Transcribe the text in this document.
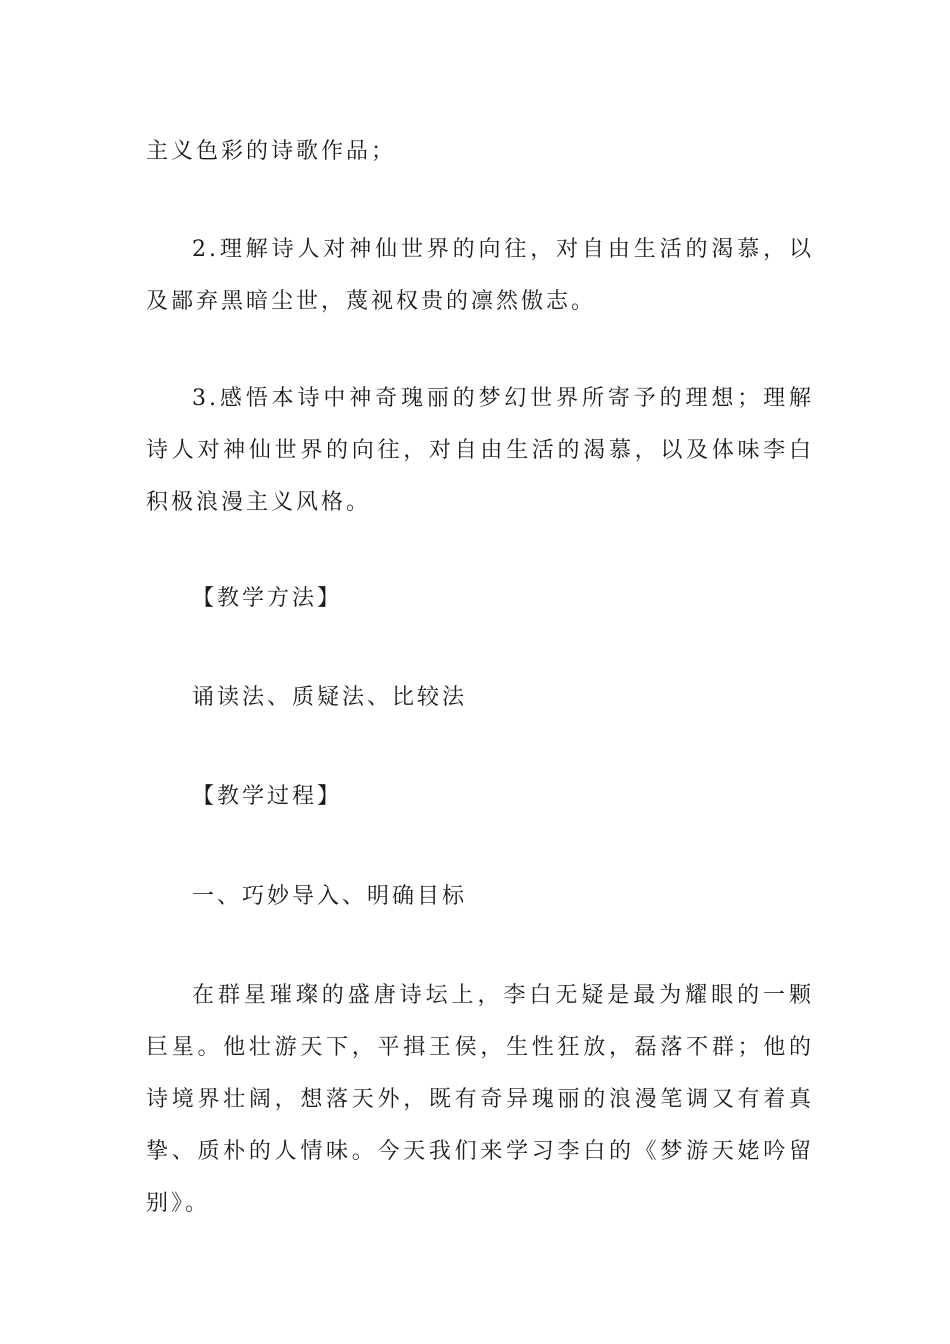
主义色彩的诗歌作品；
2.理解诗人对神仙世界的向往，对自由生活的渴慕，以及鄙弃黑暗尘世，蔑视权贵的凛然傲志。
3.感悟本诗中神奇瑰丽的梦幻世界所寄予的理想；理解诗人对神仙世界的向往，对自由生活的渴慕，以及体味李白积极浪漫主义风格。
【教学方法】
诵读法、质疑法、比较法
【教学过程】
一、巧妙导入、明确目标
在群星璀璨的盛唐诗坛上，李白无疑是最为耀眼的一颗巨星。他壮游天下，平揖王侯，生性狂放，磊落不群；他的诗境界壮阔，想落天外，既有奇异瑰丽的浪漫笔调又有着真挚、质朴的人情味。今天我们来学习李白的《梦游天姥吟留别》。
